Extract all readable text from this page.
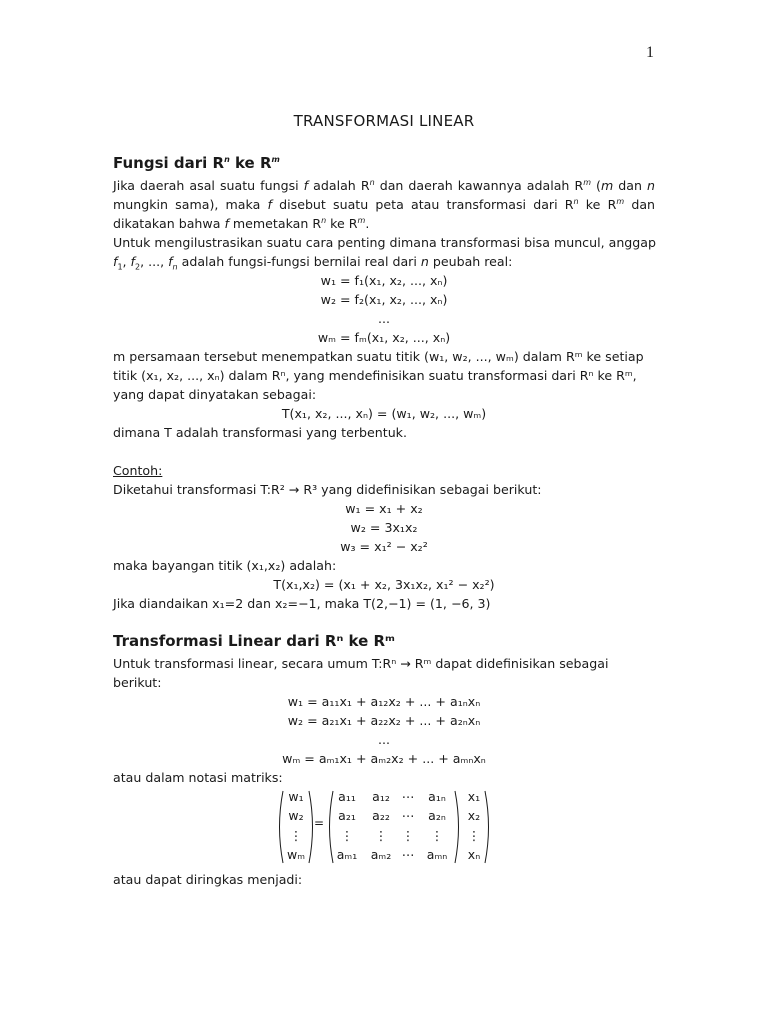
1
TRANSFORMASI LINEAR
Fungsi dari $R^n$ ke $R^m$
Jika daerah asal suatu fungsi f adalah $R^n$ dan daerah kawannya adalah $R^m$ (m dan n mungkin sama), maka f disebut suatu peta atau transformasi dari $R^n$ ke $R^m$ dan dikatakan bahwa f memetakan $R^n$ ke $R^m$.
Untuk mengilustrasikan suatu cara penting dimana transformasi bisa muncul, anggap
$f_1$, $f_2$, ..., $f_n$ adalah fungsi-fungsi bernilai real dari n peubah real:
w₁ = f₁(x₁, x₂, ..., xₙ)
w₂ = f₂(x₁, x₂, ..., xₙ)
...
wₘ = fₘ(x₁, x₂, ..., xₙ)
m persamaan tersebut menempatkan suatu titik (w₁, w₂, ..., wₘ) dalam Rᵐ ke setiap
titik (x₁, x₂, ..., xₙ) dalam Rⁿ, yang mendefinisikan suatu transformasi dari Rⁿ ke Rᵐ,
yang dapat dinyatakan sebagai:
T(x₁, x₂, ..., xₙ) = (w₁, w₂, ..., wₘ)
dimana T adalah transformasi yang terbentuk.
Contoh:
Diketahui transformasi T:R² → R³ yang didefinisikan sebagai berikut:
w₁ = x₁ + x₂
w₂ = 3x₁x₂
w₃ = x₁² − x₂²
maka bayangan titik (x₁,x₂) adalah:
T(x₁,x₂) = (x₁ + x₂, 3x₁x₂, x₁² − x₂²)
Jika diandaikan x₁=2 dan x₂=−1, maka T(2,−1) = (1, −6, 3)
Transformasi Linear dari Rⁿ ke Rᵐ
Untuk transformasi linear, secara umum T:Rⁿ → Rᵐ dapat didefinisikan sebagai
berikut:
w₁ = a₁₁x₁ + a₁₂x₂ + ... + a₁ₙxₙ
w₂ = a₂₁x₁ + a₂₂x₂ + ... + a₂ₙxₙ
...
wₘ = aₘ₁x₁ + aₘ₂x₂ + ... + aₘₙxₙ
atau dalam notasi matriks:
w₁
w₂
⋮
wₘ
=
a₁₁
a₂₁
⋮
aₘ₁
a₁₂
a₂₂
⋮
aₘ₂
⋯
⋯
⋮
⋯
a₁ₙ
a₂ₙ
⋮
aₘₙ
x₁
x₂
⋮
xₙ
atau dapat diringkas menjadi:
